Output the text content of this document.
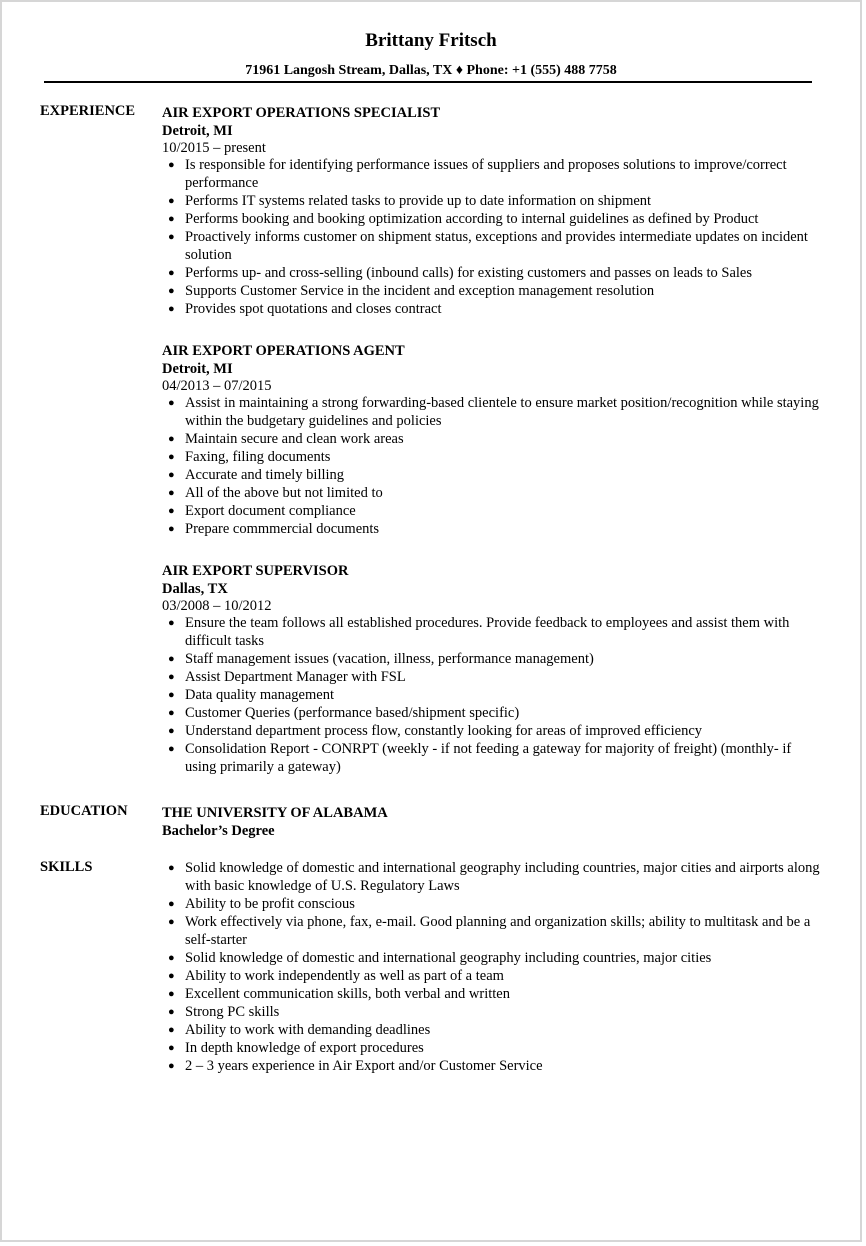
Brittany Fritsch
71961 Langosh Stream, Dallas, TX ♦ Phone: +1 (555) 488 7758
EXPERIENCE
EDUCATION
SKILLS
AIR EXPORT OPERATIONS SPECIALIST
Detroit, MI
10/2015 – present
● Is responsible for identifying performance issues of suppliers and proposes solutions to improve/correct performance
● Performs IT systems related tasks to provide up to date information on shipment
● Performs booking and booking optimization according to internal guidelines as defined by Product
● Proactively informs customer on shipment status, exceptions and provides intermediate updates on incident solution
● Performs up- and cross-selling (inbound calls) for existing customers and passes on leads to Sales
● Supports Customer Service in the incident and exception management resolution
● Provides spot quotations and closes contract
AIR EXPORT OPERATIONS AGENT
Detroit, MI
04/2013 – 07/2015
● Assist in maintaining a strong forwarding-based clientele to ensure market position/recognition while staying within the budgetary guidelines and policies
● Maintain secure and clean work areas
● Faxing, filing documents
● Accurate and timely billing
● All of the above but not limited to
● Export document compliance
● Prepare commmercial documents
AIR EXPORT SUPERVISOR
Dallas, TX
03/2008 – 10/2012
● Ensure the team follows all established procedures. Provide feedback to employees and assist them with difficult tasks
● Staff management issues (vacation, illness, performance management)
● Assist Department Manager with FSL
● Data quality management
● Customer Queries (performance based/shipment specific)
● Understand department process flow, constantly looking for areas of improved efficiency
● Consolidation Report - CONRPT (weekly - if not feeding a gateway for majority of freight) (monthly- if using primarily a gateway)
THE UNIVERSITY OF ALABAMA
Bachelor’s Degree
● Solid knowledge of domestic and international geography including countries, major cities and airports along with basic knowledge of U.S. Regulatory Laws
● Ability to be profit conscious
● Work effectively via phone, fax, e-mail. Good planning and organization skills; ability to multitask and be a self-starter
● Solid knowledge of domestic and international geography including countries, major cities
● Ability to work independently as well as part of a team
● Excellent communication skills, both verbal and written
● Strong PC skills
● Ability to work with demanding deadlines
● In depth knowledge of export procedures
● 2 – 3 years experience in Air Export and/or Customer Service
